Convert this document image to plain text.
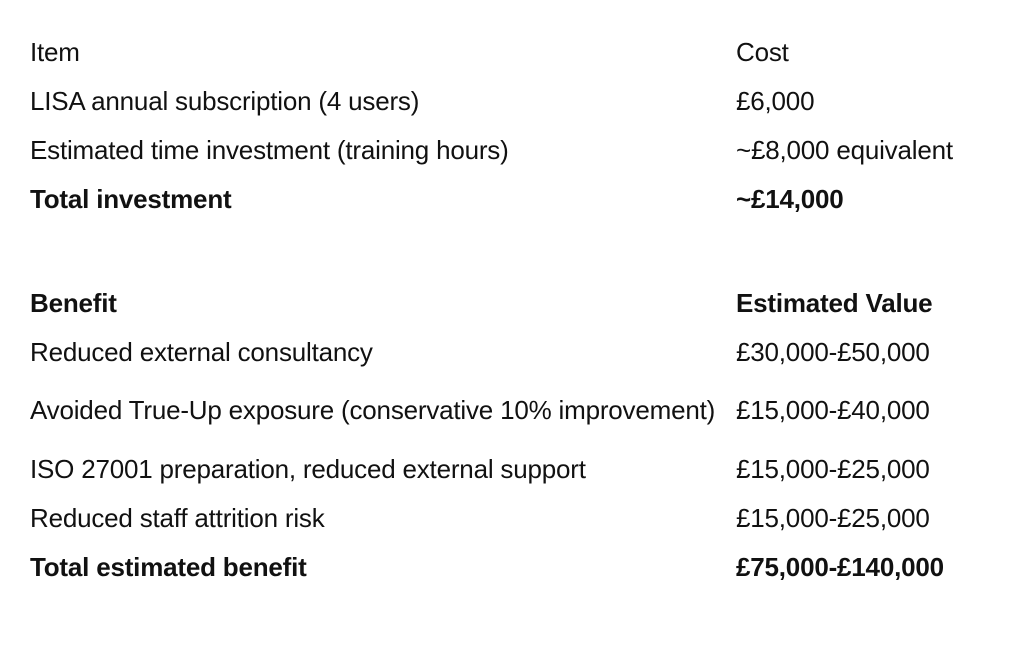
Item	Cost
LISA annual subscription (4 users)	£6,000
Estimated time investment (training hours)	~£8,000 equivalent
Total investment	~£14,000
Benefit	Estimated Value
Reduced external consultancy	£30,000-£50,000
Avoided True-Up exposure (conservative 10% improvement)	£15,000-£40,000
ISO 27001 preparation, reduced external support	£15,000-£25,000
Reduced staff attrition risk	£15,000-£25,000
Total estimated benefit	£75,000-£140,000
